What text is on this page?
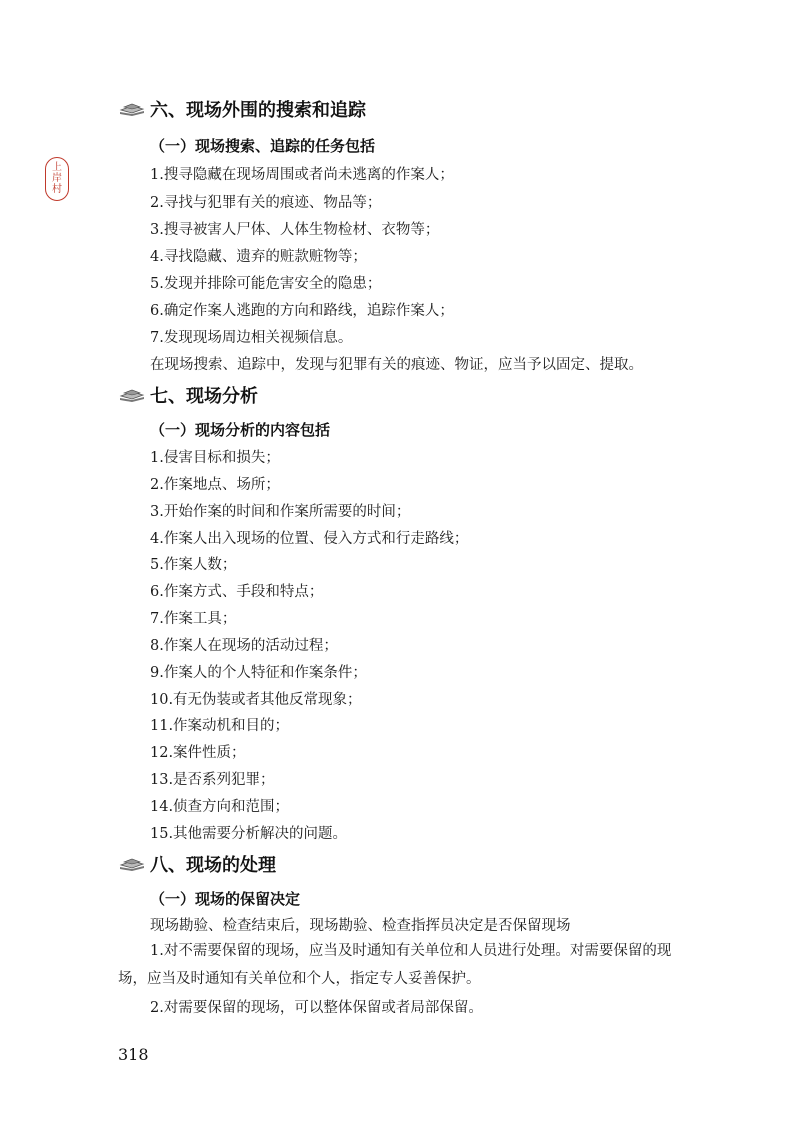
上
岸
村
六、现场外围的搜索和追踪
（一）现场搜索、追踪的任务包括
1.搜寻隐藏在现场周围或者尚未逃离的作案人；
2.寻找与犯罪有关的痕迹、物品等；
3.搜寻被害人尸体、人体生物检材、衣物等；
4.寻找隐藏、遗弃的赃款赃物等；
5.发现并排除可能危害安全的隐患；
6.确定作案人逃跑的方向和路线，追踪作案人；
7.发现现场周边相关视频信息。
在现场搜索、追踪中，发现与犯罪有关的痕迹、物证，应当予以固定、提取。
七、现场分析
（一）现场分析的内容包括
1.侵害目标和损失；
2.作案地点、场所；
3.开始作案的时间和作案所需要的时间；
4.作案人出入现场的位置、侵入方式和行走路线；
5.作案人数；
6.作案方式、手段和特点；
7.作案工具；
8.作案人在现场的活动过程；
9.作案人的个人特征和作案条件；
10.有无伪装或者其他反常现象；
11.作案动机和目的；
12.案件性质；
13.是否系列犯罪；
14.侦查方向和范围；
15.其他需要分析解决的问题。
八、现场的处理
（一）现场的保留决定
现场勘验、检查结束后，现场勘验、检查指挥员决定是否保留现场
1.对不需要保留的现场，应当及时通知有关单位和人员进行处理。对需要保留的现场，应当及时通知有关单位和个人，指定专人妥善保护。
2.对需要保留的现场，可以整体保留或者局部保留。
318
